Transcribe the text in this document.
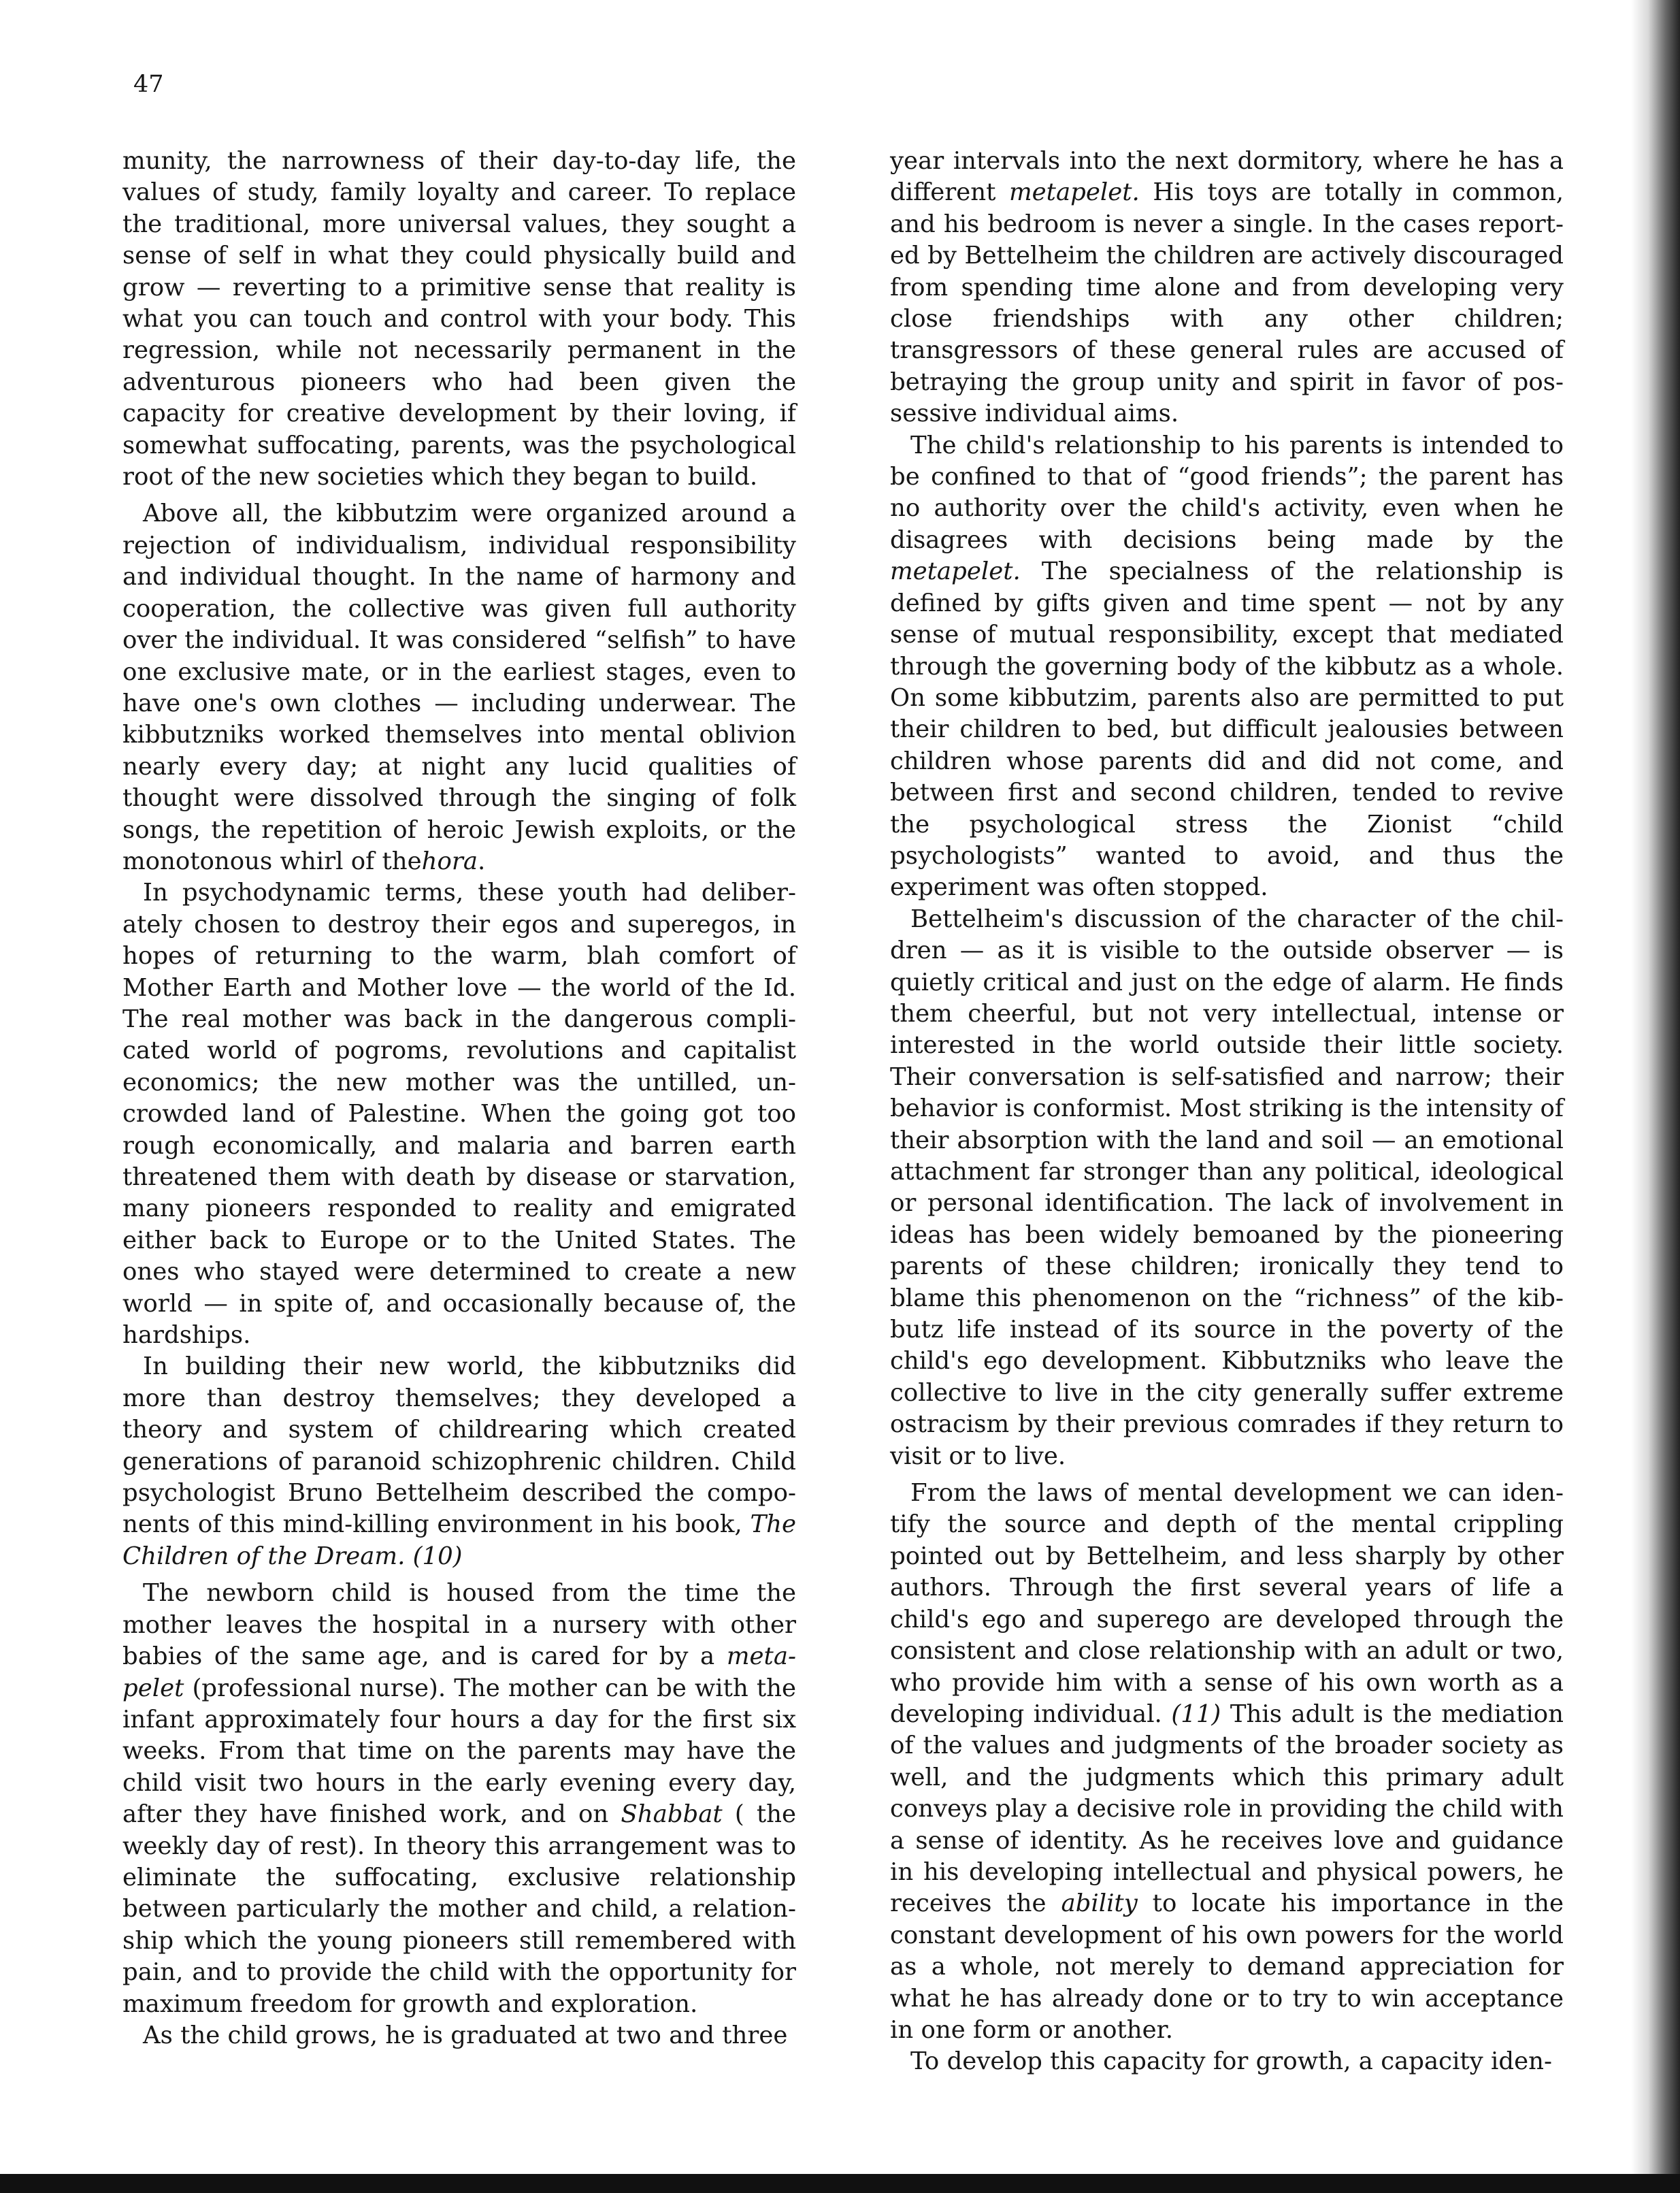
47

munity, the narrowness of their day-to-day life, the values of study, family loyalty and career. To replace the traditional, more universal values, they sought a sense of self in what they could physically build and grow — reverting to a primitive sense that reality is what you can touch and control with your body. This regression, while not necessarily permanent in the adventurous pioneers who had been given the capacity for creative development by their loving, if somewhat suffocating, parents, was the psychological root of the new societies which they began to build.

Above all, the kibbutzim were organized around a rejection of individualism, individual responsibility and individual thought. In the name of harmony and cooperation, the collective was given full authority over the individual. It was considered “selfish” to have one exclusive mate, or in the earliest stages, even to have one's own clothes — including underwear. The kibbutzniks worked themselves into mental oblivion nearly every day; at night any lucid qualities of thought were dissolved through the singing of folk songs, the repetition of heroic Jewish exploits, or the monotonous whirl of thehora.

In psychodynamic terms, these youth had deliberately chosen to destroy their egos and superegos, in hopes of returning to the warm, blah comfort of Mother Earth and Mother love — the world of the Id. The real mother was back in the dangerous complicated world of pogroms, revolutions and capitalist economics; the new mother was the untilled, uncrowded land of Palestine. When the going got too rough economically, and malaria and barren earth threatened them with death by disease or starvation, many pioneers responded to reality and emigrated either back to Europe or to the United States. The ones who stayed were determined to create a new world — in spite of, and occasionally because of, the hardships.

In building their new world, the kibbutzniks did more than destroy themselves; they developed a theory and system of childrearing which created generations of paranoid schizophrenic children. Child psychologist Bruno Bettelheim described the components of this mind-killing environment in his book, The Children of the Dream. (10)

The newborn child is housed from the time the mother leaves the hospital in a nursery with other babies of the same age, and is cared for by a metapelet (professional nurse). The mother can be with the infant approximately four hours a day for the first six weeks. From that time on the parents may have the child visit two hours in the early evening every day, after they have finished work, and on Shabbat ( the weekly day of rest). In theory this arrangement was to eliminate the suffocating, exclusive relationship between particularly the mother and child, a relationship which the young pioneers still remembered with pain, and to provide the child with the opportunity for maximum freedom for growth and exploration.

As the child grows, he is graduated at two and three

year intervals into the next dormitory, where he has a different metapelet. His toys are totally in common, and his bedroom is never a single. In the cases reported by Bettelheim the children are actively discouraged from spending time alone and from developing very close friendships with any other children; transgressors of these general rules are accused of betraying the group unity and spirit in favor of possessive individual aims.

The child's relationship to his parents is intended to be confined to that of “good friends”; the parent has no authority over the child's activity, even when he disagrees with decisions being made by the metapelet. The specialness of the relationship is defined by gifts given and time spent — not by any sense of mutual responsibility, except that mediated through the governing body of the kibbutz as a whole. On some kibbutzim, parents also are permitted to put their children to bed, but difficult jealousies between children whose parents did and did not come, and between first and second children, tended to revive the psychological stress the Zionist “child psychologists” wanted to avoid, and thus the experiment was often stopped.

Bettelheim's discussion of the character of the children — as it is visible to the outside observer — is quietly critical and just on the edge of alarm. He finds them cheerful, but not very intellectual, intense or interested in the world outside their little society. Their conversation is self-satisfied and narrow; their behavior is conformist. Most striking is the intensity of their absorption with the land and soil — an emotional attachment far stronger than any political, ideological or personal identification. The lack of involvement in ideas has been widely bemoaned by the pioneering parents of these children; ironically they tend to blame this phenomenon on the “richness” of the kibbutz life instead of its source in the poverty of the child's ego development. Kibbutzniks who leave the collective to live in the city generally suffer extreme ostracism by their previous comrades if they return to visit or to live.

From the laws of mental development we can identify the source and depth of the mental crippling pointed out by Bettelheim, and less sharply by other authors. Through the first several years of life a child's ego and superego are developed through the consistent and close relationship with an adult or two, who provide him with a sense of his own worth as a developing individual. (11) This adult is the mediation of the values and judgments of the broader society as well, and the judgments which this primary adult conveys play a decisive role in providing the child with a sense of identity. As he receives love and guidance in his developing intellectual and physical powers, he receives the ability to locate his importance in the constant development of his own powers for the world as a whole, not merely to demand appreciation for what he has already done or to try to win acceptance in one form or another.

To develop this capacity for growth, a capacity iden-
